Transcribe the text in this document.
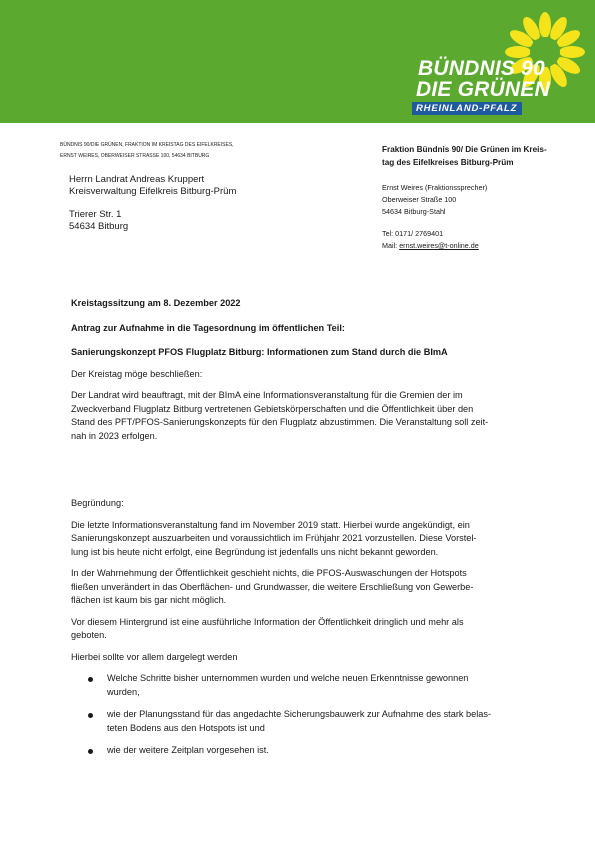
BÜNDNIS 90
DIE GRÜNEN
RHEINLAND-PFALZ
BÜNDNIS 90/DIE GRÜNEN, FRAKTION IM KREISTAG DES EIFELKREISES,
ERNST WEIRES, OBERWEISER STRASSE 100, 54634 BITBURG
Herrn Landrat Andreas Kruppert
Kreisverwaltung Eifelkreis Bitburg-Prüm
Trierer Str. 1
54634 Bitburg
Fraktion Bündnis 90/ Die Grünen im Kreis-
tag des Eifelkreises Bitburg-Prüm
Ernst Weires (Fraktionssprecher)
Oberweiser Straße 100
54634 Bitburg-Stahl
Tel: 0171/ 2769401
Mail: ernst.weires@t-online.de

Kreistagssitzung am 8. Dezember 2022

Antrag zur Aufnahme in die Tagesordnung im öffentlichen Teil:

Sanierungskonzept PFOS Flugplatz Bitburg: Informationen zum Stand durch die BImA

Der Kreistag möge beschließen:

Der Landrat wird beauftragt, mit der BImA eine Informationsveranstaltung für die Gremien der im

Zweckverband Flugplatz Bitburg vertretenen Gebietskörperschaften und die Öffentlichkeit über den

Stand des PFT/PFOS-Sanierungskonzepts für den Flugplatz abzustimmen. Die Veranstaltung soll zeit-

nah in 2023 erfolgen.

Begründung:

Die letzte Informationsveranstaltung fand im November 2019 statt. Hierbei wurde angekündigt, ein

Sanierungskonzept auszuarbeiten und voraussichtlich im Frühjahr 2021 vorzustellen. Diese Vorstel-

lung ist bis heute nicht erfolgt, eine Begründung ist jedenfalls uns nicht bekannt geworden.

In der Wahrnehmung der Öffentlichkeit geschieht nichts, die PFOS-Auswaschungen der Hotspots

fließen unverändert in das Oberflächen- und Grundwasser, die weitere Erschließung von Gewerbe-

flächen ist kaum bis gar nicht möglich.

Vor diesem Hintergrund ist eine ausführliche Information der Öffentlichkeit dringlich und mehr als

geboten.

Hierbei sollte vor allem dargelegt werden

Welche Schritte bisher unternommen wurden und welche neuen Erkenntnisse gewonnen
wurden,
wie der Planungsstand für das angedachte Sicherungsbauwerk zur Aufnahme des stark belas-
teten Bodens aus den Hotspots ist und
wie der weitere Zeitplan vorgesehen ist.
